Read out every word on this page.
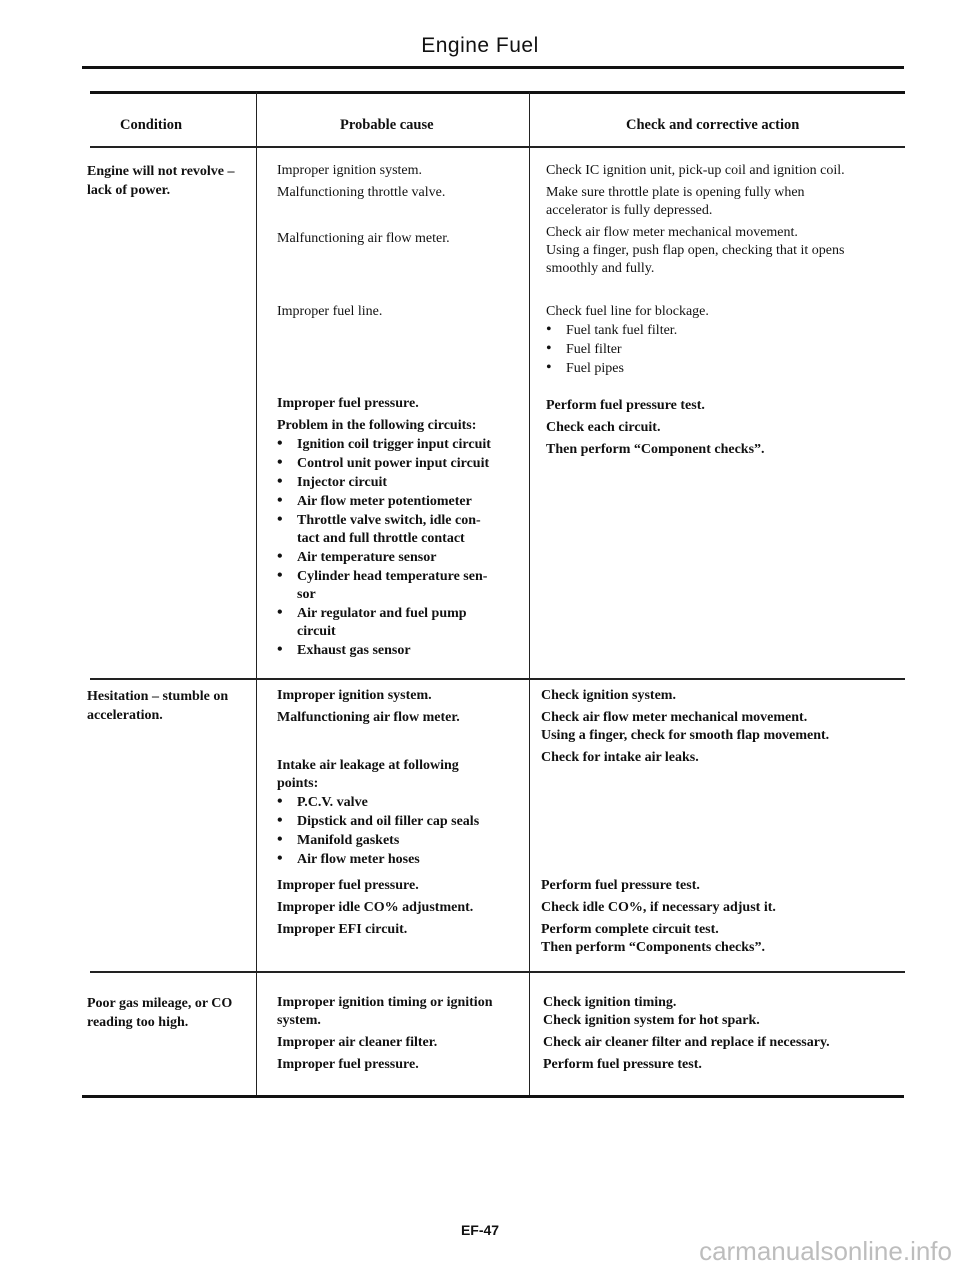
Engine Fuel
Condition	Probable cause	Check and corrective action
Engine will not revolve – lack of power.
Improper ignition system.
Malfunctioning throttle valve.
Malfunctioning air flow meter.
Improper fuel line.
Improper fuel pressure.
Problem in the following circuits:
• Ignition coil trigger input circuit
• Control unit power input circuit
• Injector circuit
• Air flow meter potentiometer
• Throttle valve switch, idle con-
tact and full throttle contact
• Air temperature sensor
• Cylinder head temperature sen-
sor
• Air regulator and fuel pump
circuit
• Exhaust gas sensor
Check IC ignition unit, pick-up coil and ignition coil.
Make sure throttle plate is opening fully when
accelerator is fully depressed.
Check air flow meter mechanical movement.
Using a finger, push flap open, checking that it opens
smoothly and fully.
Check fuel line for blockage.
• Fuel tank fuel filter.
• Fuel filter
• Fuel pipes
Perform fuel pressure test.
Check each circuit.
Then perform “Component checks”.
Hesitation – stumble on acceleration.
Improper ignition system.
Malfunctioning air flow meter.
Intake air leakage at following
points:
• P.C.V. valve
• Dipstick and oil filler cap seals
• Manifold gaskets
• Air flow meter hoses
Improper fuel pressure.
Improper idle CO% adjustment.
Improper EFI circuit.
Check ignition system.
Check air flow meter mechanical movement.
Using a finger, check for smooth flap movement.
Check for intake air leaks.
Perform fuel pressure test.
Check idle CO%, if necessary adjust it.
Perform complete circuit test.
Then perform “Components checks”.
Poor gas mileage, or CO reading too high.
Improper ignition timing or ignition
system.
Improper air cleaner filter.
Improper fuel pressure.
Check ignition timing.
Check ignition system for hot spark.
Check air cleaner filter and replace if necessary.
Perform fuel pressure test.
EF-47
carmanualsonline.info
